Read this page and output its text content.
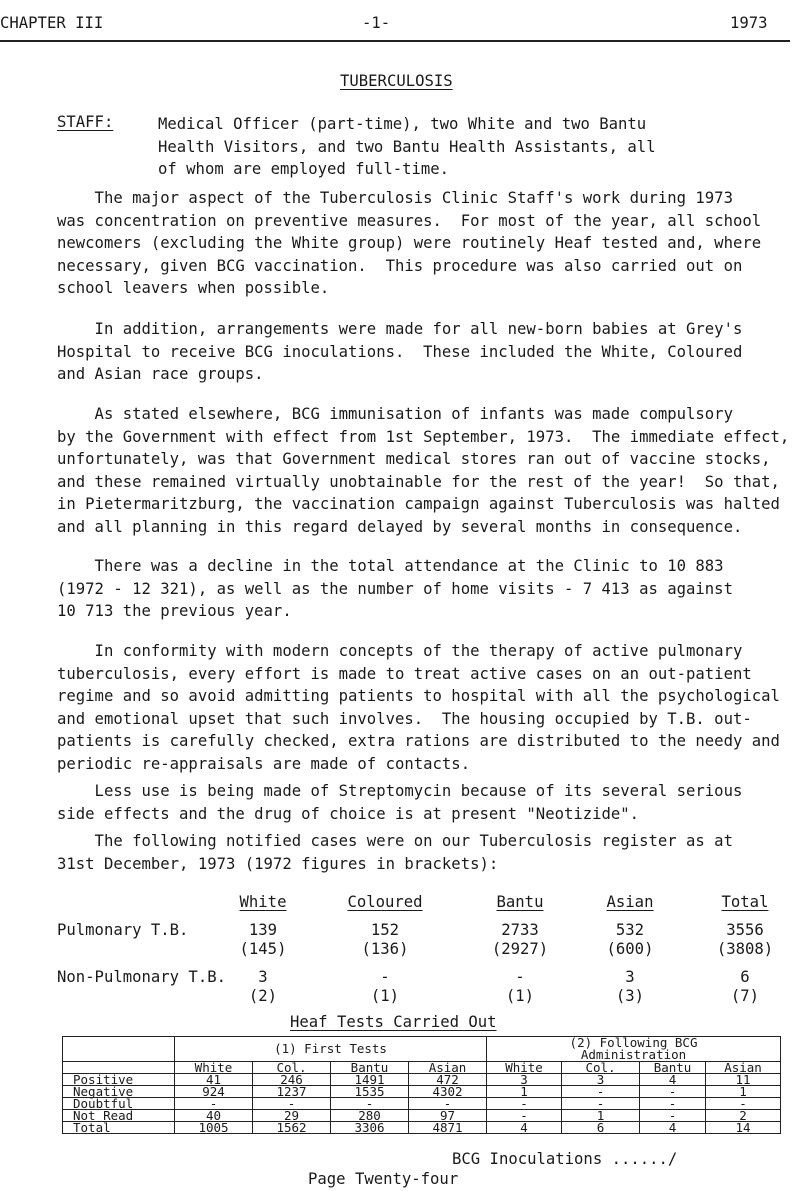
CHAPTER III	-1-	1973
TUBERCULOSIS
STAFF:	Medical Officer (part-time), two White and two Bantu
Health Visitors, and two Bantu Health Assistants, all
of whom are employed full-time.
The major aspect of the Tuberculosis Clinic Staff's work during 1973
was concentration on preventive measures.  For most of the year, all school
newcomers (excluding the White group) were routinely Heaf tested and, where
necessary, given BCG vaccination.  This procedure was also carried out on
school leavers when possible.
In addition, arrangements were made for all new-born babies at Grey's
Hospital to receive BCG inoculations.  These included the White, Coloured
and Asian race groups.
As stated elsewhere, BCG immunisation of infants was made compulsory
by the Government with effect from 1st September, 1973.  The immediate effect,
unfortunately, was that Government medical stores ran out of vaccine stocks,
and these remained virtually unobtainable for the rest of the year!  So that,
in Pietermaritzburg, the vaccination campaign against Tuberculosis was halted
and all planning in this regard delayed by several months in consequence.
There was a decline in the total attendance at the Clinic to 10 883
(1972 - 12 321), as well as the number of home visits - 7 413 as against
10 713 the previous year.
In conformity with modern concepts of the therapy of active pulmonary
tuberculosis, every effort is made to treat active cases on an out-patient
regime and so avoid admitting patients to hospital with all the psychological
and emotional upset that such involves.  The housing occupied by T.B. out-
patients is carefully checked, extra rations are distributed to the needy and
periodic re-appraisals are made of contacts.
Less use is being made of Streptomycin because of its several serious
side effects and the drug of choice is at present "Neotizide".
The following notified cases were on our Tuberculosis register as at
31st December, 1973 (1972 figures in brackets):
White	Coloured	Bantu	Asian	Total
Pulmonary T.B.	139	152	2733	532	3556
(145)	(136)	(2927)	(600)	(3808)
Non-Pulmonary T.B.	3	-	-	3	6
(2)	(1)	(1)	(3)	(7)
Heaf Tests Carried Out
	(1) First Tests				(2) Following BCG
Administration			

	White	Col.	Bantu	Asian	White	Col.	Bantu	Asian
Positive	41	246	1491	472	3	3	4	11
Negative	924	1237	1535	4302	1	-	-	1
Doubtful	-	-	-	-	-	-	-	-
Not Read	40	29	280	97	-	1	-	2
Total	1005	1562	3306	4871	4	6	4	14
BCG Inoculations ....../
Page Twenty-four
